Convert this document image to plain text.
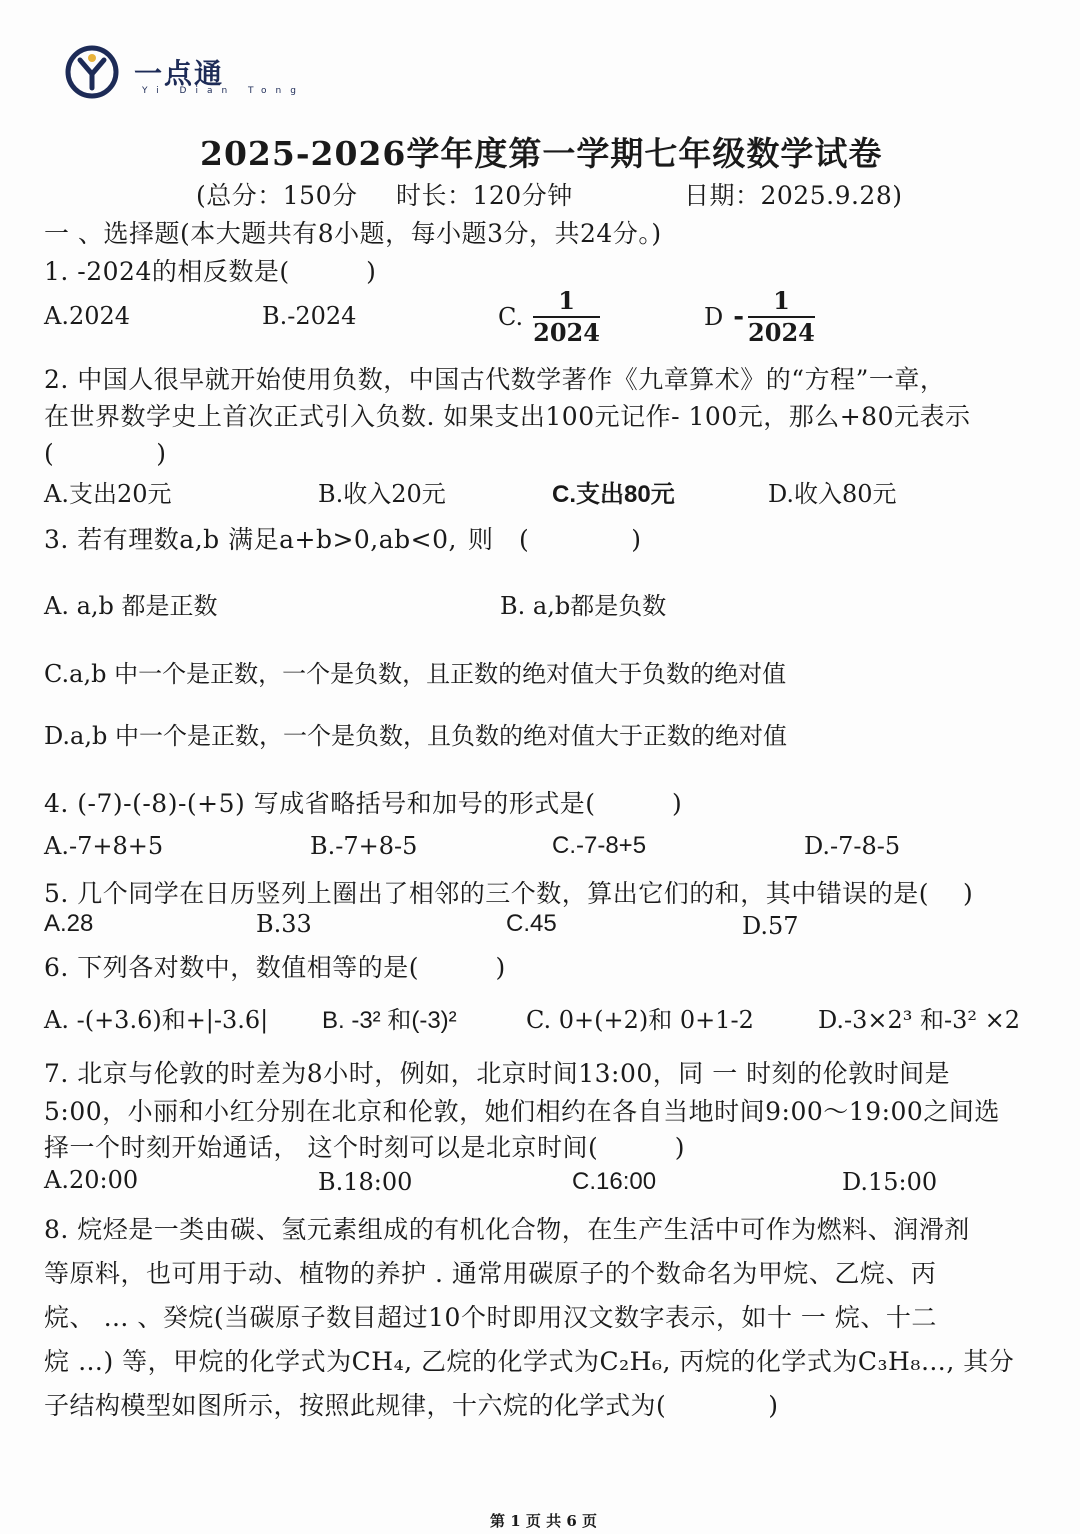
一点通
Yi Dian Tong
2025-2026学年度第一学期七年级数学试卷
(总分：150分 时长：120分钟	日期：2025.9.28)
一 、选择题(本大题共有8小题，每小题3分，共24分。)
1. -2024的相反数是(　　　)
A.2024	B.-2024	C. $\frac{1}{2024}$	D - $\frac{1}{2024}$
2. 中国人很早就开始使用负数，中国古代数学著作《九章算术》的“方程”一章，
在世界数学史上首次正式引入负数. 如果支出100元记作- 100元，那么+80元表示
(　　　　)
A.支出20元	B.收入20元	C.支出80元	D.收入80元
3. 若有理数a,b 满足a+b>0,ab<0, 则　(　　　　)
A. a,b 都是正数	B. a,b都是负数
C.a,b 中一个是正数，一个是负数，且正数的绝对值大于负数的绝对值
D.a,b 中一个是正数，一个是负数，且负数的绝对值大于正数的绝对值
4. (-7)-(-8)-(+5) 写成省略括号和加号的形式是(　　　)
A.-7+8+5	B.-7+8-5	C.-7-8+5	D.-7-8-5
5. 几个同学在日历竖列上圈出了相邻的三个数，算出它们的和，其中错误的是(　 )
A.28	B.33	C.45	D.57
6. 下列各对数中，数值相等的是(　　　)
A. -(+3.6)和+|-3.6| B. -3² 和(-3)²	C. 0+(+2)和 0+1-2	D.-3×2³ 和-3² ×2
7. 北京与伦敦的时差为8小时，例如，北京时间13:00，同 一 时刻的伦敦时间是
5:00，小丽和小红分别在北京和伦敦，她们相约在各自当地时间9:00～19:00之间选
择一个时刻开始通话， 这个时刻可以是北京时间(　　　)
A.20:00	B.18:00	C.16:00	D.15:00
8. 烷烃是一类由碳、氢元素组成的有机化合物，在生产生活中可作为燃料、润滑剂
等原料，也可用于动、植物的养护 . 通常用碳原子的个数命名为甲烷、乙烷、丙
烷、 … 、癸烷(当碳原子数目超过10个时即用汉文数字表示，如十 一 烷、十二
烷 …) 等，甲烷的化学式为CH₄, 乙烷的化学式为C₂H₆, 丙烷的化学式为C₃H₈…, 其分
子结构模型如图所示，按照此规律，十六烷的化学式为(　　　　)
第 1 页 共 6 页
